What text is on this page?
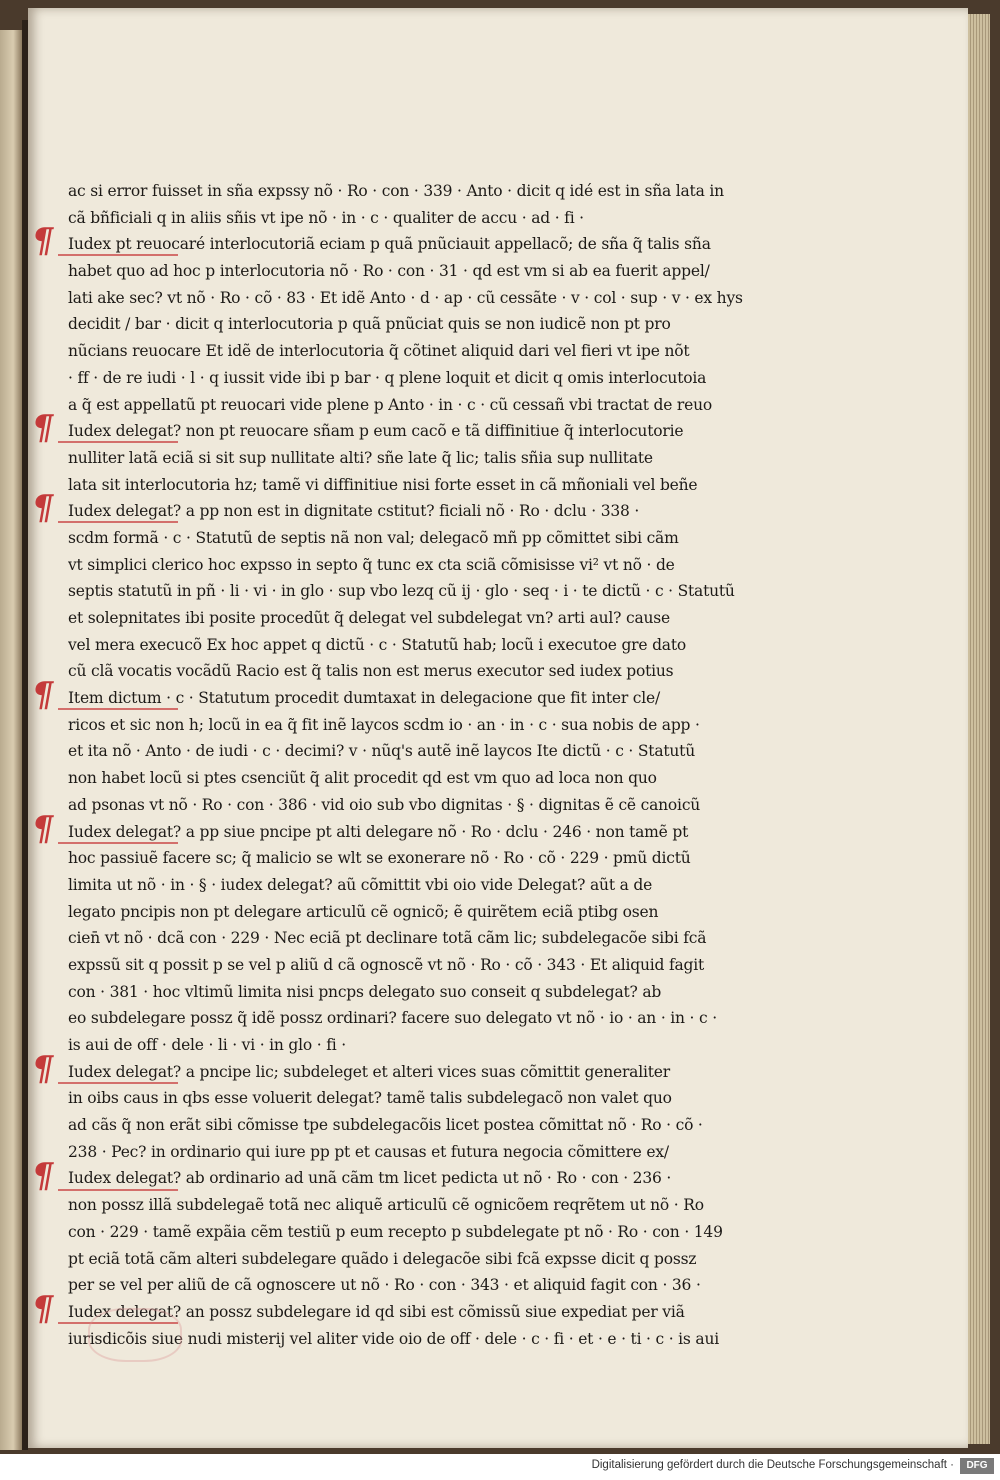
ac si error fuisset in sña expssy nõ · Ro · con · 339 · Anto · dicit q idé est in sña lata in
cã bñficiali q in aliis sñis vt ipe nõ · in · c · qualiter de accu · ad · fi ·
Iudex pt reuocaré interlocutoriã eciam p quã pnũciauit appellacõ; de sña q̃ talis sña
habet quo ad hoc p interlocutoria nõ · Ro · con · 31 · qd est vm si ab ea fuerit appel/
lati ake sec? vt nõ · Ro · cõ · 83 · Et idẽ Anto · d · ap · cũ cessãte · v · col · sup · v · ex hys
decidit / bar · dicit q interlocutoria p quã pnũciat quis se non iudicẽ non pt pro
nũcians reuocare Et idẽ de interlocutoria q̃ cõtinet aliquid dari vel fieri vt ipe nõt
· ff · de re iudi · l · q iussit vide ibi p bar · q plene loquit et dicit q omis interlocutoia
a q̃ est appellatũ pt reuocari vide plene p Anto · in · c · cũ cessañ vbi tractat de reuo
Iudex delegat? non pt reuocare sñam p eum cacõ e tã diffinitiue q̃ interlocutorie
nulliter latã eciã si sit sup nullitate alti? sñe late q̃ lic; talis sñia sup nullitate
lata sit interlocutoria hz; tamẽ vi diffinitiue nisi forte esset in cã mñoniali vel beñe
Iudex delegat? a pp non est in dignitate cstitut? ficiali nõ · Ro · dclu · 338 ·
scdm formã · c · Statutũ de septis nã non val; delegacõ mñ pp cõmittet sibi cãm
vt simplici clerico hoc expsso in septo q̃ tunc ex cta sciã cõmisisse vi² vt nõ · de
septis statutũ in pñ · li · vi · in glo · sup vbo lezq cũ ij · glo · seq · i · te dictũ · c · Statutũ
et solepnitates ibi posite procedũt q̃ delegat vel subdelegat vn? arti aul? cause
vel mera execucõ Ex hoc appet q dictũ · c · Statutũ hab; locũ i executoe gre dato
cũ clã vocatis vocãdũ Racio est q̃ talis non est merus executor sed iudex potius
Item dictum · c · Statutum procedit dumtaxat in delegacione que fit inter cle/
ricos et sic non h; locũ in ea q̃ fit inẽ laycos scdm io · an · in · c · sua nobis de app ·
et ita nõ · Anto · de iudi · c · decimi? v · nũq's autẽ inẽ laycos Ite dictũ · c · Statutũ
non habet locũ si ptes csenciũt q̃ alit procedit qd est vm quo ad loca non quo
ad psonas vt nõ · Ro · con · 386 · vid oio sub vbo dignitas · § · dignitas ẽ cẽ canoicũ
Iudex delegat? a pp siue pncipe pt alti delegare nõ · Ro · dclu · 246 · non tamẽ pt
hoc passiuẽ facere sc; q̃ malicio se wlt se exonerare nõ · Ro · cõ · 229 · pmũ dictũ
limita ut nõ · in · § · iudex delegat? aũ cõmittit vbi oio vide Delegat? aũt a de
legato pncipis non pt delegare articulũ cẽ ognicõ; ẽ quirẽtem eciã ptibg osen
cien̄ vt nõ · dcã con · 229 · Nec eciã pt declinare totã cãm lic; subdelegacõe sibi fcã
expssũ sit q possit p se vel p aliũ d cã ognoscẽ vt nõ · Ro · cõ · 343 · Et aliquid fagit
con · 381 · hoc vltimũ limita nisi pncps delegato suo conseit q subdelegat? ab
eo subdelegare possz q̃ idẽ possz ordinari? facere suo delegato vt nõ · io · an · in · c ·
is aui de off · dele · li · vi · in glo · fi ·
Iudex delegat? a pncipe lic; subdeleget et alteri vices suas cõmittit generaliter
in oibs caus in qbs esse voluerit delegat? tamẽ talis subdelegacõ non valet quo
ad cãs q̃ non erãt sibi cõmisse tpe subdelegacõis licet postea cõmittat nõ · Ro · cõ ·
238 · Pec? in ordinario qui iure pp pt et causas et futura negocia cõmittere ex/
Iudex delegat? ab ordinario ad unã cãm tm licet pedicta ut nõ · Ro · con · 236 ·
non possz illã subdelegaẽ totã nec aliquẽ articulũ cẽ ognicõem reqrẽtem ut nõ · Ro
con · 229 · tamẽ expãia cẽm testiũ p eum recepto p subdelegate pt nõ · Ro · con · 149
pt eciã totã cãm alteri subdelegare quãdo i delegacõe sibi fcã expsse dicit q possz
per se vel per aliũ de cã ognoscere ut nõ · Ro · con · 343 · et aliquid fagit con · 36 ·
Iudex delegat? an possz subdelegare id qd sibi est cõmissũ siue expediat per viã
iurisdicõis siue nudi misterij vel aliter vide oio de off · dele · c · fi · et · e · ti · c · is aui
¶
¶
¶
¶
¶
¶
¶
¶
Digitalisierung gefördert durch die Deutsche Forschungsgemeinschaft ·	DFG
